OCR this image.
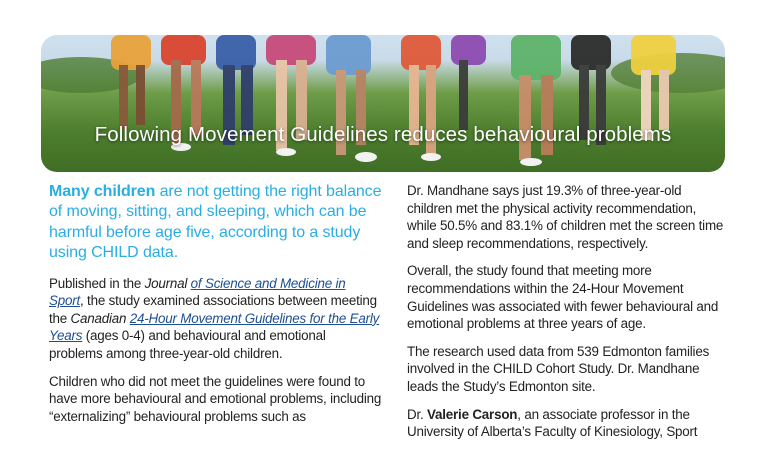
Following Movement Guidelines reduces behavioural problems

Many children are not getting the right balance of moving, sitting, and sleeping, which can be harmful before age five, according to a study using CHILD data.

Published in the Journal of Science and Medicine in Sport, the study examined associations between meeting the Canadian 24-Hour Movement Guidelines for the Early Years (ages 0-4) and behavioural and emotional problems among three-year-old children.

Children who did not meet the guidelines were found to have more behavioural and emotional problems, including “externalizing” behavioural problems such as

Dr. Mandhane says just 19.3% of three-year-old children met the physical activity recommendation, while 50.5% and 83.1% of children met the screen time and sleep recommendations, respectively.

Overall, the study found that meeting more recommendations within the 24-Hour Movement Guidelines was associated with fewer behavioural and emotional problems at three years of age.

The research used data from 539 Edmonton families involved in the CHILD Cohort Study. Dr. Mandhane leads the Study’s Edmonton site.

Dr. Valerie Carson, an associate professor in the University of Alberta’s Faculty of Kinesiology, Sport
